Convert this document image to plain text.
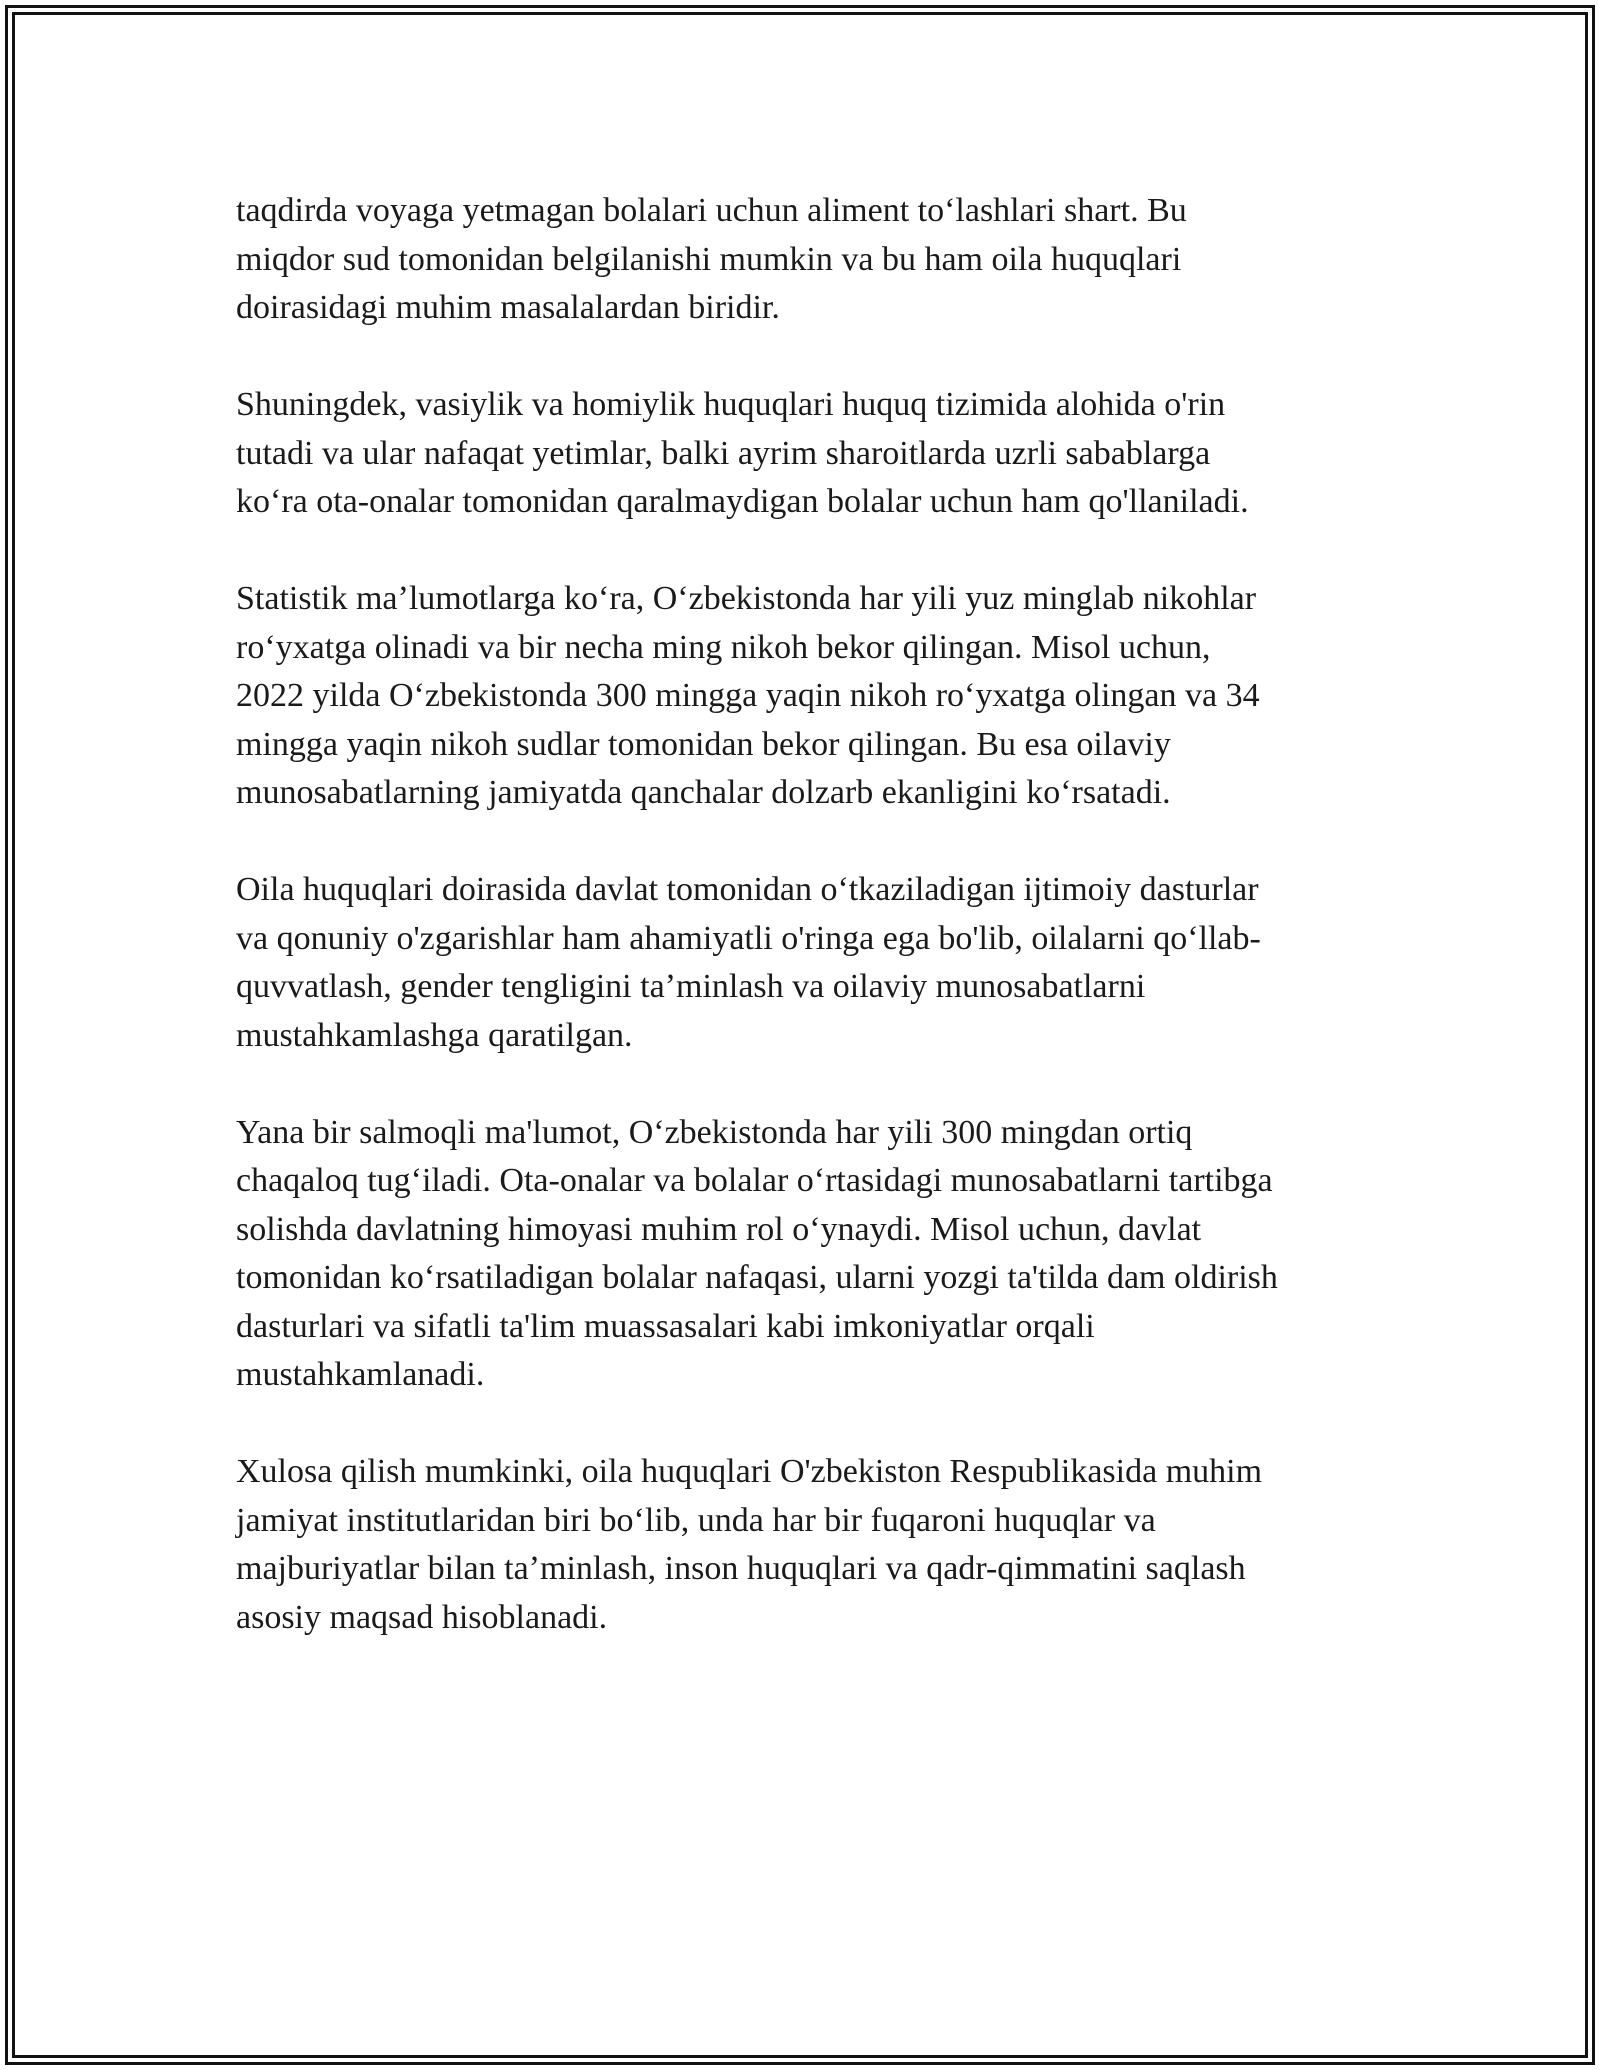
taqdirda voyaga yetmagan bolalari uchun aliment toʻlashlari shart. Bu
miqdor sud tomonidan belgilanishi mumkin va bu ham oila huquqlari
doirasidagi muhim masalalardan biridir.

Shuningdek, vasiylik va homiylik huquqlari huquq tizimida alohida o'rin
tutadi va ular nafaqat yetimlar, balki ayrim sharoitlarda uzrli sabablarga
koʻra ota-onalar tomonidan qaralmaydigan bolalar uchun ham qo'llaniladi.

Statistik maʼlumotlarga koʻra, Oʻzbekistonda har yili yuz minglab nikohlar
roʻyxatga olinadi va bir necha ming nikoh bekor qilingan. Misol uchun,
2022 yilda Oʻzbekistonda 300 mingga yaqin nikoh roʻyxatga olingan va 34
mingga yaqin nikoh sudlar tomonidan bekor qilingan. Bu esa oilaviy
munosabatlarning jamiyatda qanchalar dolzarb ekanligini koʻrsatadi.

Oila huquqlari doirasida davlat tomonidan oʻtkaziladigan ijtimoiy dasturlar
va qonuniy o'zgarishlar ham ahamiyatli o'ringa ega bo'lib, oilalarni qo‘llab-
quvvatlash, gender tengligini taʼminlash va oilaviy munosabatlarni
mustahkamlashga qaratilgan.

Yana bir salmoqli ma'lumot, Oʻzbekistonda har yili 300 mingdan ortiq
chaqaloq tugʻiladi. Ota-onalar va bolalar oʻrtasidagi munosabatlarni tartibga
solishda davlatning himoyasi muhim rol oʻynaydi. Misol uchun, davlat
tomonidan koʻrsatiladigan bolalar nafaqasi, ularni yozgi ta'tilda dam oldirish
dasturlari va sifatli ta'lim muassasalari kabi imkoniyatlar orqali
mustahkamlanadi.

Xulosa qilish mumkinki, oila huquqlari O'zbekiston Respublikasida muhim
jamiyat institutlaridan biri boʻlib, unda har bir fuqaroni huquqlar va
majburiyatlar bilan taʼminlash, inson huquqlari va qadr-qimmatini saqlash
asosiy maqsad hisoblanadi.
